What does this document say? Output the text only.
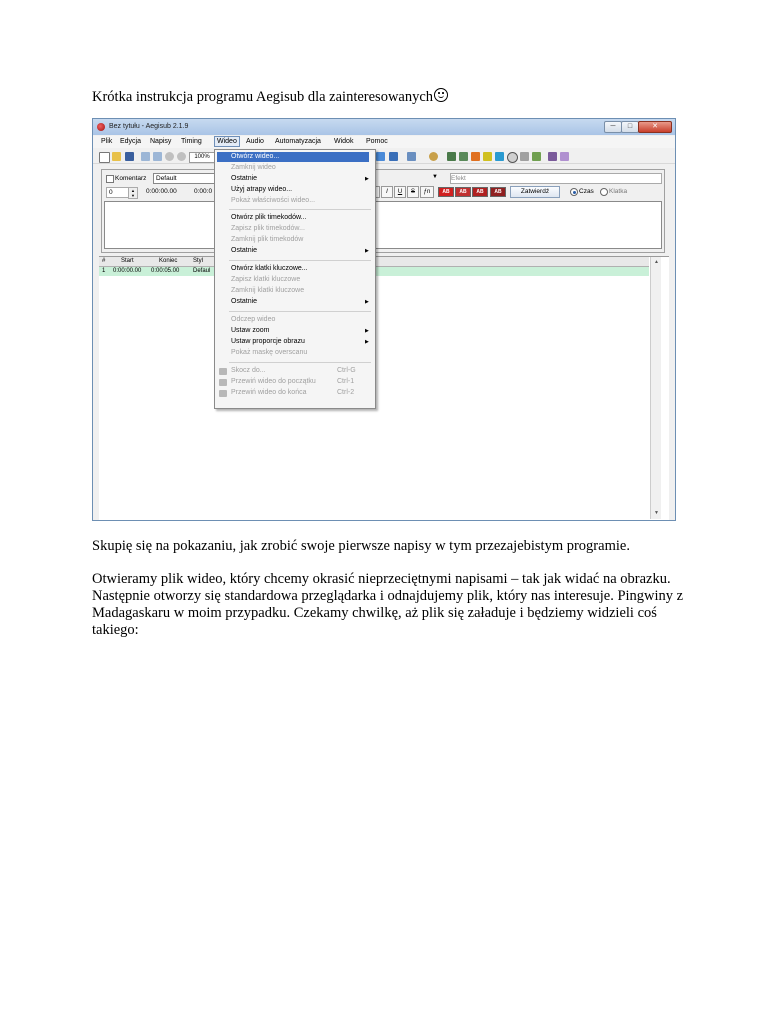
Krótka instrukcja programu Aegisub dla zainteresowanych

Bez tytułu - Aegisub 2.1.9	─	□	✕
Plik Edycja Napisy Timing	Wideo	Audio Automatyzacja Widok Pomoc
100%
Komentarz	Default	▼ Efekt
0	▲
▼
0:00:00.00	0:00:0	I	U	S	ƒn	AB	AB	AB	AB	Zatwierdź	Czas Klatka
#	Start	Koniec	Styl
1 0:00:00.00 0:00:05.00 Defaul
▲
▼
Otwórz wideo...
Zamknij wideo
Ostatnie	▶
Użyj atrapy wideo...
Pokaż właściwości wideo...
Otwórz plik timekodów...
Zapisz plik timekodów...
Zamknij plik timekodów
Ostatnie	▶
Otwórz klatki kluczowe...
Zapisz klatki kluczowe
Zamknij klatki kluczowe
Ostatnie	▶
Odczep wideo
Ustaw zoom	▶
Ustaw proporcje obrazu	▶
Pokaż maskę overscanu
Skocz do...	Ctrl-G
Przewiń wideo do początku	Ctrl-1
Przewiń wideo do końca	Ctrl-2

Skupię się na pokazaniu, jak zrobić swoje pierwsze napisy w tym przezajebistym programie.

Otwieramy plik wideo, który chcemy okrasić nieprzeciętnymi napisami – tak jak widać na obrazku. Następnie otworzy się standardowa przeglądarka i odnajdujemy plik, który nas interesuje. Pingwiny z Madagaskaru w moim przypadku. Czekamy chwilkę, aż plik się załaduje i będziemy widzieli coś takiego:
